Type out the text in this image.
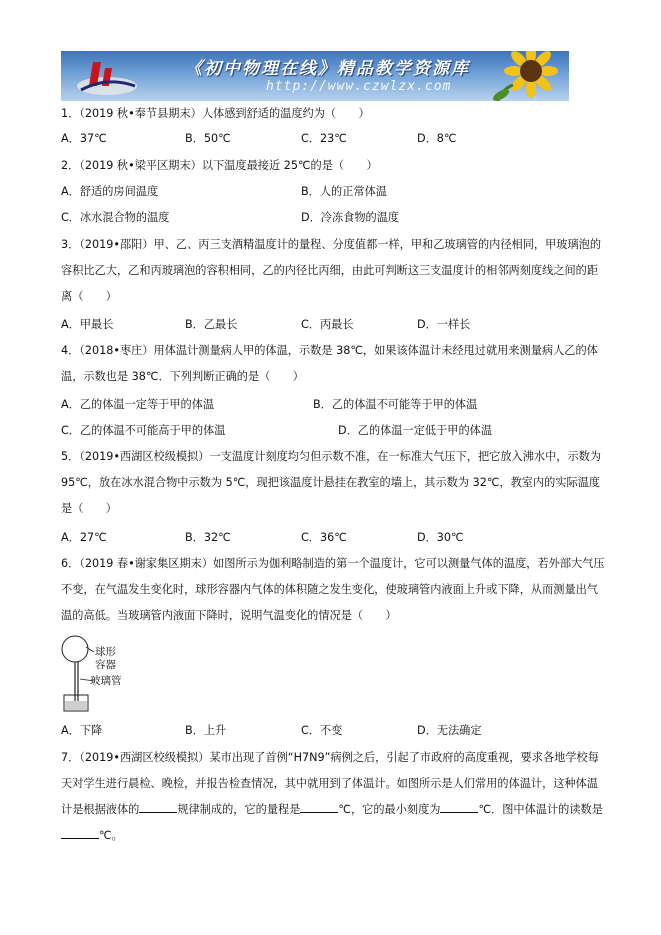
《初中物理在线》精品教学资源库
http://www.czwlzx.com
1．（2019 秋•奉节县期末）人体感到舒适的温度约为（　　）
A．37℃	B．50℃	C．23℃	D．8℃
2．（2019 秋•梁平区期末）以下温度最接近 25℃的是（　　）
A．舒适的房间温度	B．人的正常体温
C．冰水混合物的温度	D．冷冻食物的温度
3．（2019•邵阳）甲、乙、丙三支酒精温度计的量程、分度值都一样，甲和乙玻璃管的内径相同，甲玻璃泡的容积比乙大，乙和丙玻璃泡的容积相同，乙的内径比丙细，由此可判断这三支温度计的相邻两刻度线之间的距离（　　）
A．甲最长	B．乙最长	C．丙最长	D．一样长
4．（2018•枣庄）用体温计测量病人甲的体温，示数是 38℃，如果该体温计未经甩过就用来测量病人乙的体温，示数也是 38℃．下列判断正确的是（　　）
A．乙的体温一定等于甲的体温	B．乙的体温不可能等于甲的体温
C．乙的体温不可能高于甲的体温	D．乙的体温一定低于甲的体温
5．（2019•西湖区校级模拟）一支温度计刻度均匀但示数不准，在一标准大气压下，把它放入沸水中，示数为 95℃，放在冰水混合物中示数为 5℃，现把该温度计悬挂在教室的墙上，其示数为 32℃，教室内的实际温度是（　　）
A．27℃	B．32℃	C．36℃	D．30℃
6．（2019 春•谢家集区期末）如图所示为伽利略制造的第一个温度计，它可以测量气体的温度，若外部大气压不变，在气温发生变化时，球形容器内气体的体积随之发生变化，使玻璃管内液面上升或下降，从而测量出气温的高低。当玻璃管内液面下降时，说明气温变化的情况是（　　）
球形
容器
玻璃管
A．下降	B．上升	C．不变	D．无法确定
7．（2019•西湖区校级模拟）某市出现了首例“H7N9”病例之后，引起了市政府的高度重视，要求各地学校每天对学生进行晨检、晚检，并报告检查情况，其中就用到了体温计。如图所示是人们常用的体温计，这种体温计是根据液体的	规律制成的，它的量程是	℃，它的最小刻度为	℃．图中体温计的读数是℃。
